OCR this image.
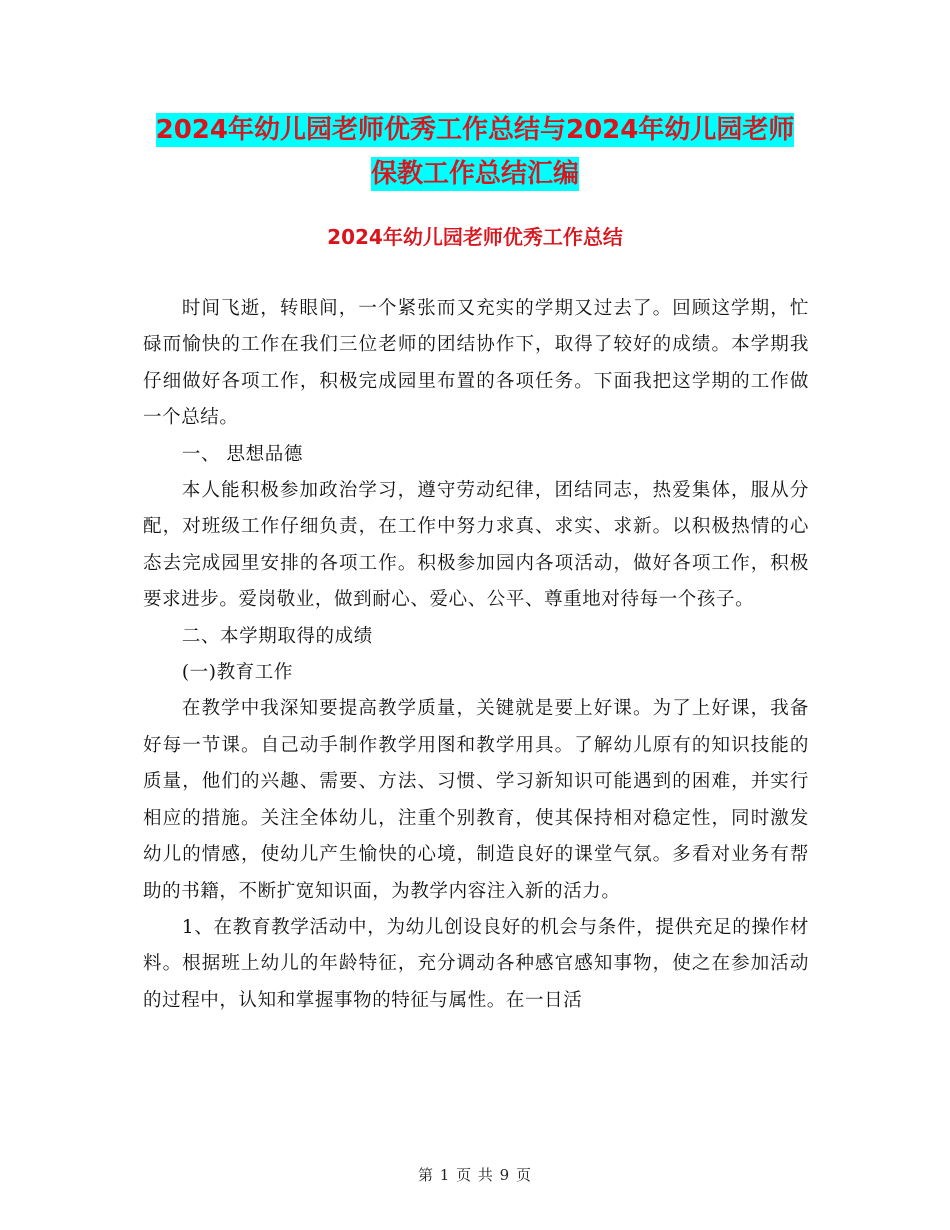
2024年幼儿园老师优秀工作总结与2024年幼儿园老师
保教工作总结汇编
2024年幼儿园老师优秀工作总结

时间飞逝，转眼间，一个紧张而又充实的学期又过去了。回顾这学期，忙碌而愉快的工作在我们三位老师的团结协作下，取得了较好的成绩。本学期我仔细做好各项工作，积极完成园里布置的各项任务。下面我把这学期的工作做一个总结。

一、 思想品德

本人能积极参加政治学习，遵守劳动纪律，团结同志，热爱集体，服从分配，对班级工作仔细负责，在工作中努力求真、求实、求新。以积极热情的心态去完成园里安排的各项工作。积极参加园内各项活动，做好各项工作，积极要求进步。爱岗敬业，做到耐心、爱心、公平、尊重地对待每一个孩子。

二、本学期取得的成绩

(一)教育工作

在教学中我深知要提高教学质量，关键就是要上好课。为了上好课，我备好每一节课。自己动手制作教学用图和教学用具。了解幼儿原有的知识技能的质量，他们的兴趣、需要、方法、习惯、学习新知识可能遇到的困难，并实行相应的措施。关注全体幼儿，注重个别教育，使其保持相对稳定性，同时激发幼儿的情感，使幼儿产生愉快的心境，制造良好的课堂气氛。多看对业务有帮助的书籍，不断扩宽知识面，为教学内容注入新的活力。

1、在教育教学活动中，为幼儿创设良好的机会与条件，提供充足的操作材料。根据班上幼儿的年龄特征，充分调动各种感官感知事物，使之在参加活动的过程中，认知和掌握事物的特征与属性。在一日活

第 1 页 共 9 页
